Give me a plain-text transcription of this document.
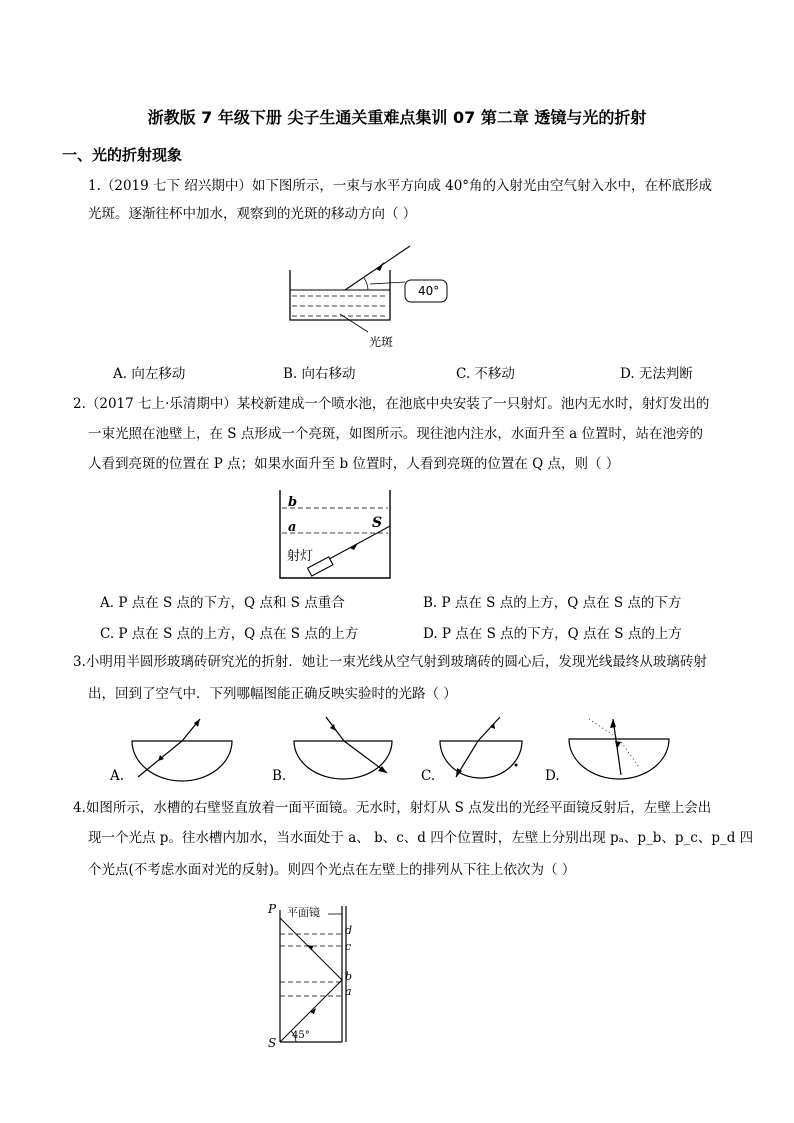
浙教版 7 年级下册 尖子生通关重难点集训 07 第二章 透镜与光的折射
一、光的折射现象
1.（2019 七下 绍兴期中）如下图所示，一束与水平方向成 40°角的入射光由空气射入水中，在杯底形成
光斑。逐渐往杯中加水，观察到的光斑的移动方向（ ）
40°
光斑
A. 向左移动	B. 向右移动	C. 不移动	D. 无法判断
2.（2017 七上·乐清期中）某校新建成一个喷水池，在池底中央安装了一只射灯。池内无水时，射灯发出的
一束光照在池壁上，在 S 点形成一个亮斑，如图所示。现往池内注水，水面升至 a 位置时，站在池旁的
人看到亮斑的位置在 P 点；如果水面升至 b 位置时，人看到亮斑的位置在 Q 点，则（ ）
b
a	S
射灯
A. P 点在 S 点的下方，Q 点和 S 点重合	B. P 点在 S 点的上方，Q 点在 S 点的下方
C. P 点在 S 点的上方，Q 点在 S 点的上方	D. P 点在 S 点的下方，Q 点在 S 点的上方
3.小明用半圆形玻璃砖研究光的折射．她让一束光线从空气射到玻璃砖的圆心后，发现光线最终从玻璃砖射
出，回到了空气中．下列哪幅图能正确反映实验时的光路（ ）
A.	B.	C.	D.
4.如图所示，水槽的右壁竖直放着一面平面镜。无水时，射灯从 S 点发出的光经平面镜反射后，左壁上会出
现一个光点 p。往水槽内加水，当水面处于 a、 b、c、d 四个位置时，左壁上分别出现 pₐ、p_b、p_c、p_d 四
个光点(不考虑水面对光的反射)。则四个光点在左壁上的排列从下往上依次为（ ）
P 平面镜
d
c
b
a
S
45°
